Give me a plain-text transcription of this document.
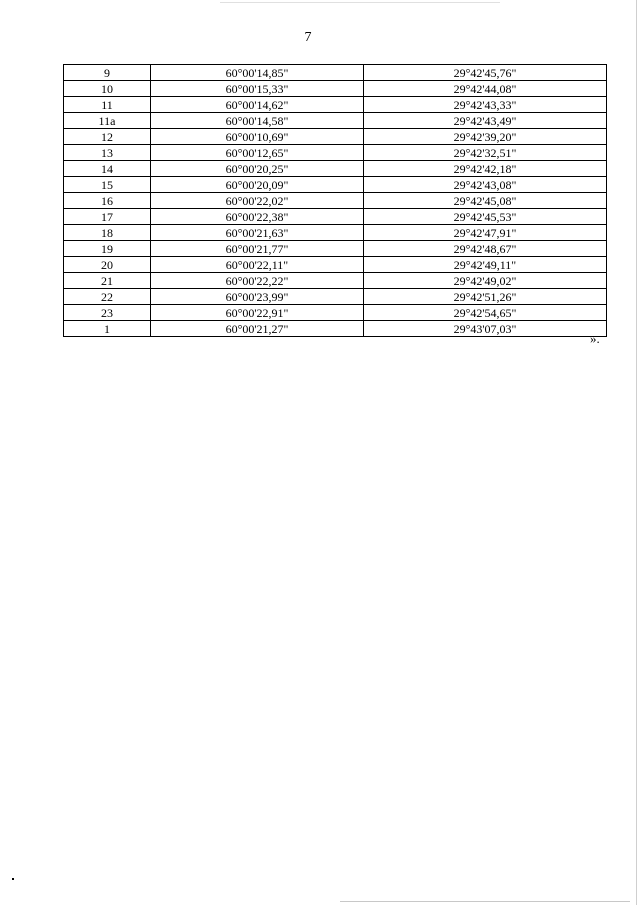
7
9	60°00'14,85"	29°42'45,76"
10	60°00'15,33"	29°42'44,08"
11	60°00'14,62"	29°42'43,33"
11а	60°00'14,58"	29°42'43,49"
12	60°00'10,69"	29°42'39,20"
13	60°00'12,65"	29°42'32,51"
14	60°00'20,25"	29°42'42,18"
15	60°00'20,09"	29°42'43,08"
16	60°00'22,02"	29°42'45,08"
17	60°00'22,38"	29°42'45,53"
18	60°00'21,63"	29°42'47,91"
19	60°00'21,77"	29°42'48,67"
20	60°00'22,11"	29°42'49,11"
21	60°00'22,22"	29°42'49,02"
22	60°00'23,99"	29°42'51,26"
23	60°00'22,91"	29°42'54,65"
1	60°00'21,27"	29°43'07,03"
».
